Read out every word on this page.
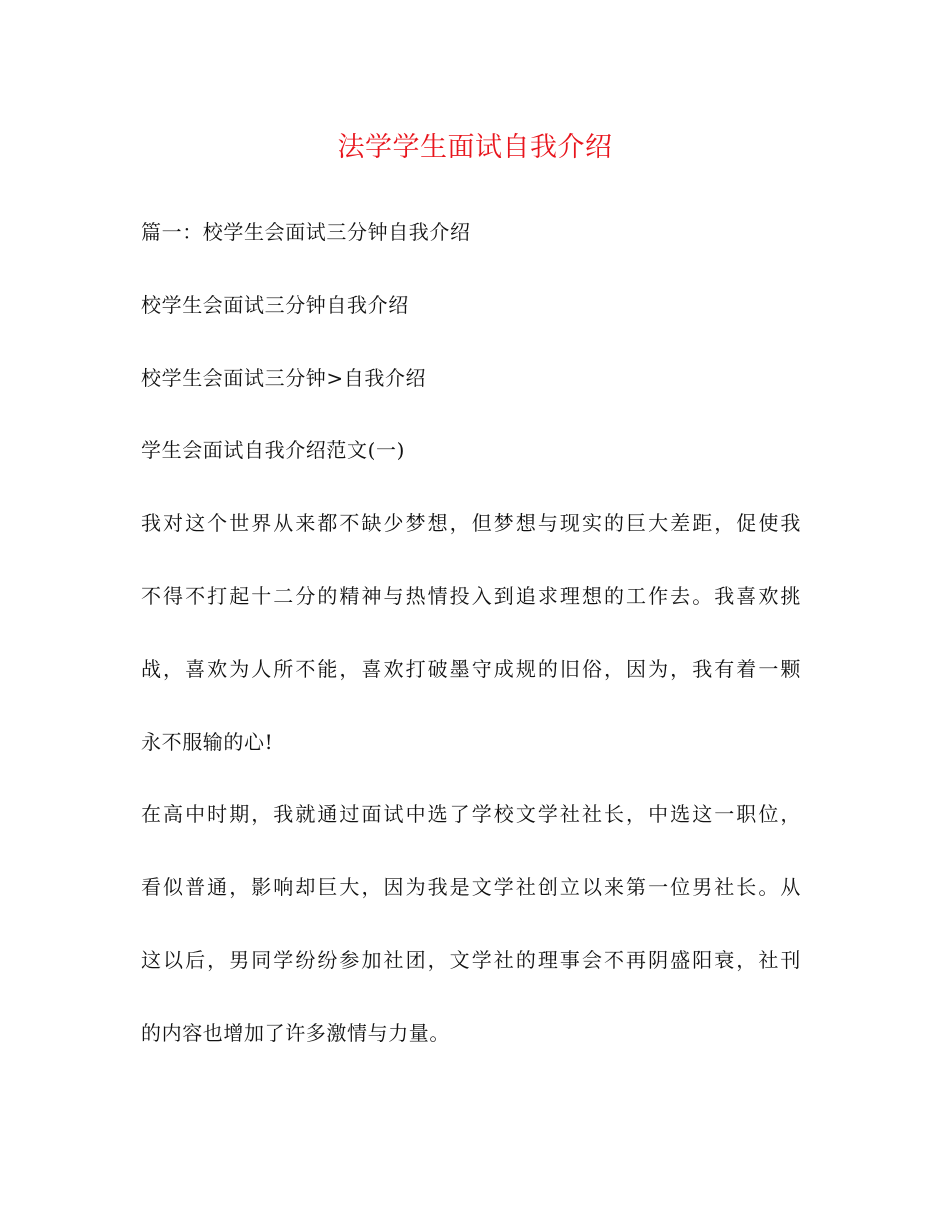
法学学生面试自我介绍
篇一：校学生会面试三分钟自我介绍
校学生会面试三分钟自我介绍
校学生会面试三分钟>自我介绍
学生会面试自我介绍范文(一)
我对这个世界从来都不缺少梦想，但梦想与现实的巨大差距，促使我
不得不打起十二分的精神与热情投入到追求理想的工作去。我喜欢挑
战，喜欢为人所不能，喜欢打破墨守成规的旧俗，因为，我有着一颗
永不服输的心!
在高中时期，我就通过面试中选了学校文学社社长，中选这一职位，
看似普通，影响却巨大，因为我是文学社创立以来第一位男社长。从
这以后，男同学纷纷参加社团，文学社的理事会不再阴盛阳衰，社刊
的内容也增加了许多激情与力量。
